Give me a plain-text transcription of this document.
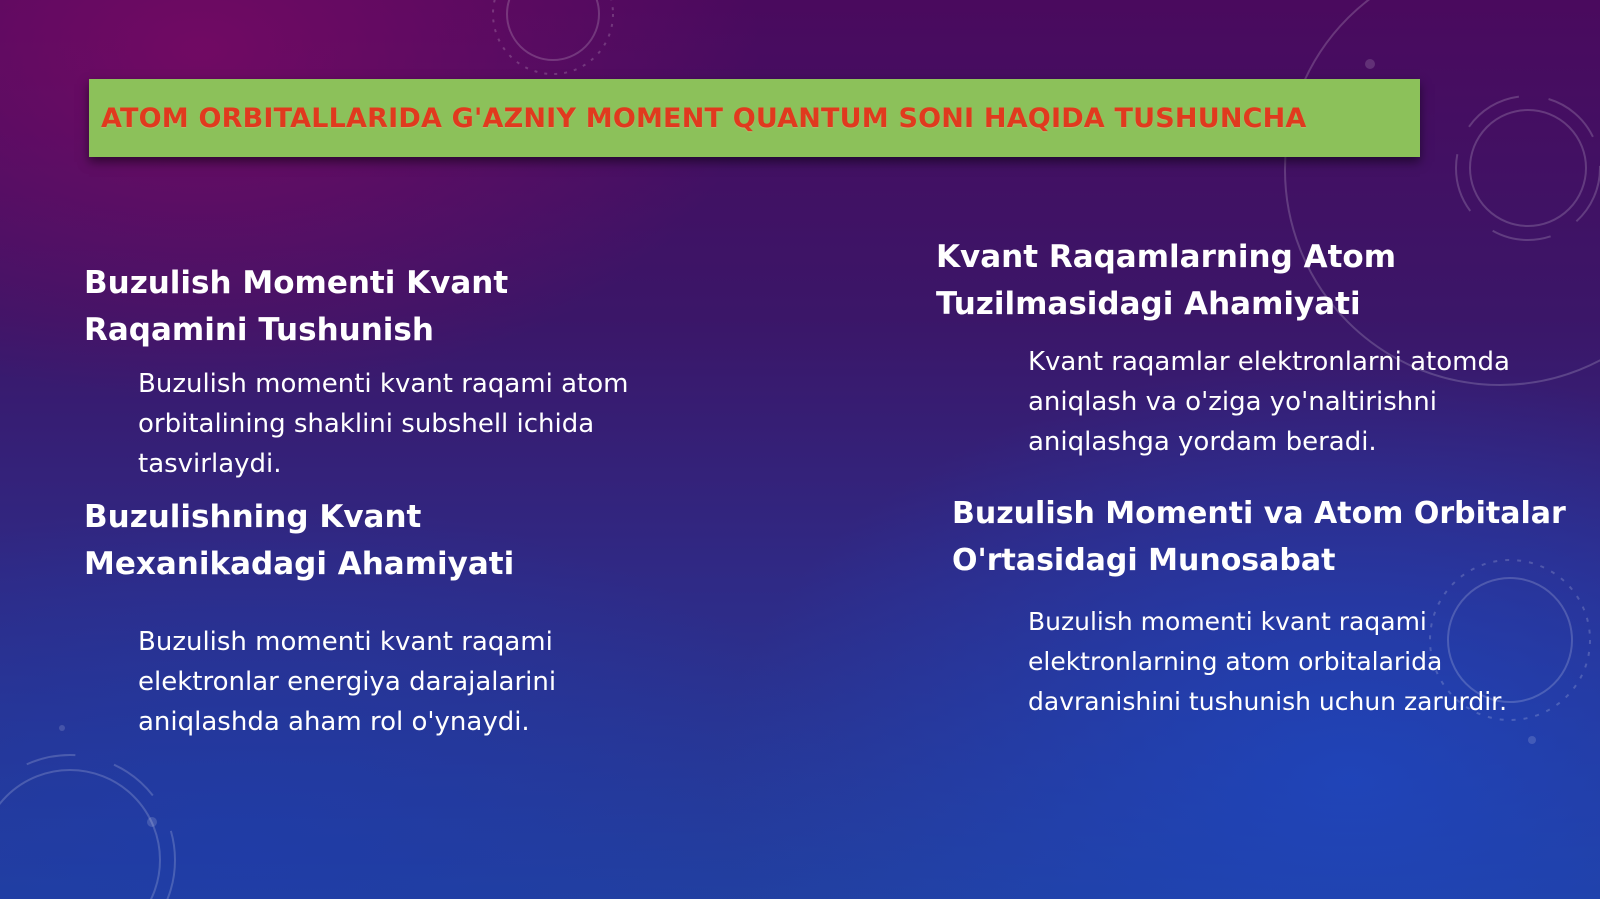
ATOM ORBITALLARIDA G'AZNIY MOMENT QUANTUM SONI HAQIDA TUSHUNCHA
Buzulish Momenti Kvant
Raqamini Tushunish
Buzulish momenti kvant raqami atom
orbitalining shaklini subshell ichida
tasvirlaydi.
Buzulishning Kvant
Mexanikadagi Ahamiyati
Buzulish momenti kvant raqami
elektronlar energiya darajalarini
aniqlashda aham rol o'ynaydi.
Kvant Raqamlarning Atom
Tuzilmasidagi Ahamiyati
Kvant raqamlar elektronlarni atomda
aniqlash va o'ziga yo'naltirishni
aniqlashga yordam beradi.
Buzulish Momenti va Atom Orbitalar
O'rtasidagi Munosabat
Buzulish momenti kvant raqami
elektronlarning atom orbitalarida
davranishini tushunish uchun zarurdir.
